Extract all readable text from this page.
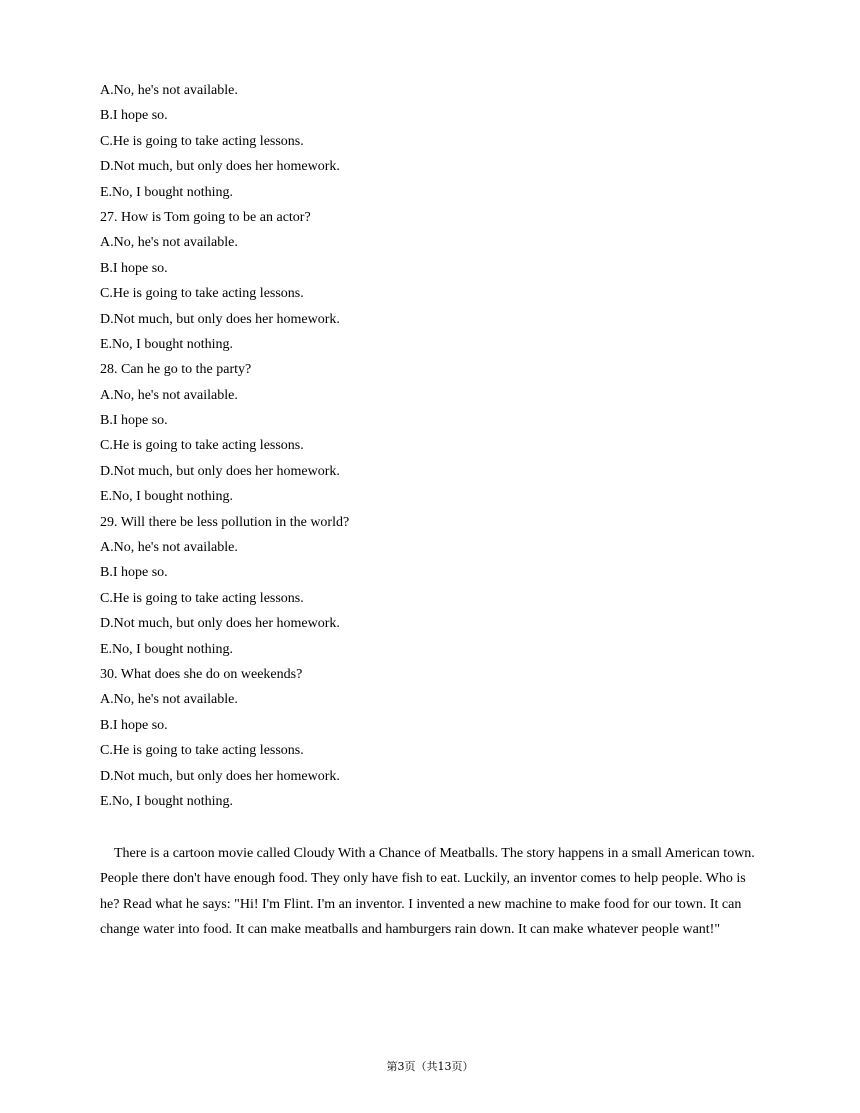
A.No, he's not available.
B.I hope so.
C.He is going to take acting lessons.
D.Not much, but only does her homework.
E.No, I bought nothing.
27. How is Tom going to be an actor?
A.No, he's not available.
B.I hope so.
C.He is going to take acting lessons.
D.Not much, but only does her homework.
E.No, I bought nothing.
28. Can he go to the party?
A.No, he's not available.
B.I hope so.
C.He is going to take acting lessons.
D.Not much, but only does her homework.
E.No, I bought nothing.
29. Will there be less pollution in the world?
A.No, he's not available.
B.I hope so.
C.He is going to take acting lessons.
D.Not much, but only does her homework.
E.No, I bought nothing.
30. What does she do on weekends?
A.No, he's not available.
B.I hope so.
C.He is going to take acting lessons.
D.Not much, but only does her homework.
E.No, I bought nothing.

There is a cartoon movie called Cloudy With a Chance of Meatballs. The story happens in a small American town. People there don't have enough food. They only have fish to eat. Luckily, an inventor comes to help people. Who is he? Read what he says: "Hi! I'm Flint. I'm an inventor. I invented a new machine to make food for our town. It can change water into food. It can make meatballs and hamburgers rain down. It can make whatever people want!"

第3页（共13页）
